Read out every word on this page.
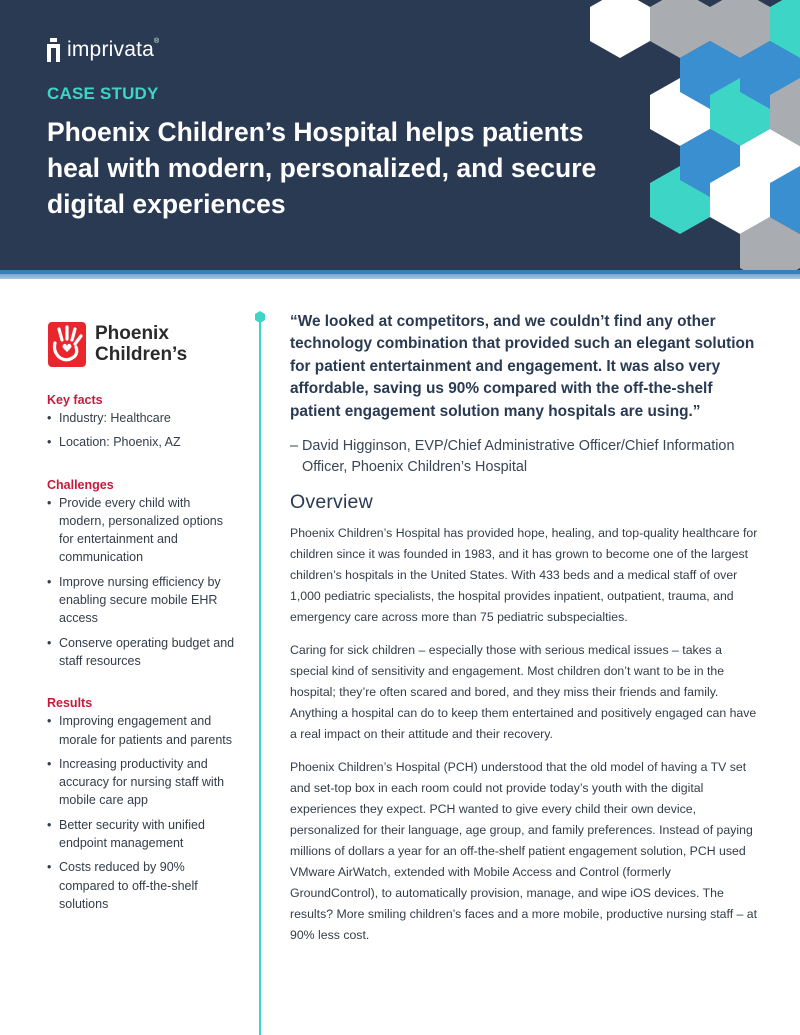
imprivata®
CASE STUDY
Phoenix Children’s Hospital helps patients heal with modern, personalized, and secure digital experiences
Phoenix
Children’s
Key facts
• Industry: Healthcare
• Location: Phoenix, AZ
Challenges
• Provide every child with modern, personalized options for entertainment and communication
• Improve nursing efficiency by enabling secure mobile EHR access
• Conserve operating budget and staff resources
Results
• Improving engagement and morale for patients and parents
• Increasing productivity and accuracy for nursing staff with mobile care app
• Better security with unified endpoint management
• Costs reduced by 90% compared to off-the-shelf solutions

“We looked at competitors, and we couldn’t find any other technology combination that provided such an elegant solution for patient entertainment and engagement. It was also very affordable, saving us 90% compared with the off-the-shelf patient engagement solution many hospitals are using.”

– David Higginson, EVP/Chief Administrative Officer/Chief Information Officer, Phoenix Children’s Hospital
Overview

Phoenix Children’s Hospital has provided hope, healing, and top-quality healthcare for children since it was founded in 1983, and it has grown to become one of the largest children’s hospitals in the United States. With 433 beds and a medical staff of over 1,000 pediatric specialists, the hospital provides inpatient, outpatient, trauma, and emergency care across more than 75 pediatric subspecialties.

Caring for sick children – especially those with serious medical issues – takes a special kind of sensitivity and engagement. Most children don’t want to be in the hospital; they’re often scared and bored, and they miss their friends and family. Anything a hospital can do to keep them entertained and positively engaged can have a real impact on their attitude and their recovery.

Phoenix Children’s Hospital (PCH) understood that the old model of having a TV set and set-top box in each room could not provide today’s youth with the digital experiences they expect. PCH wanted to give every child their own device, personalized for their language, age group, and family preferences. Instead of paying millions of dollars a year for an off-the-shelf patient engagement solution, PCH used VMware AirWatch, extended with Mobile Access and Control (formerly GroundControl), to automatically provision, manage, and wipe iOS devices. The results? More smiling children’s faces and a more mobile, productive nursing staff – at 90% less cost.
